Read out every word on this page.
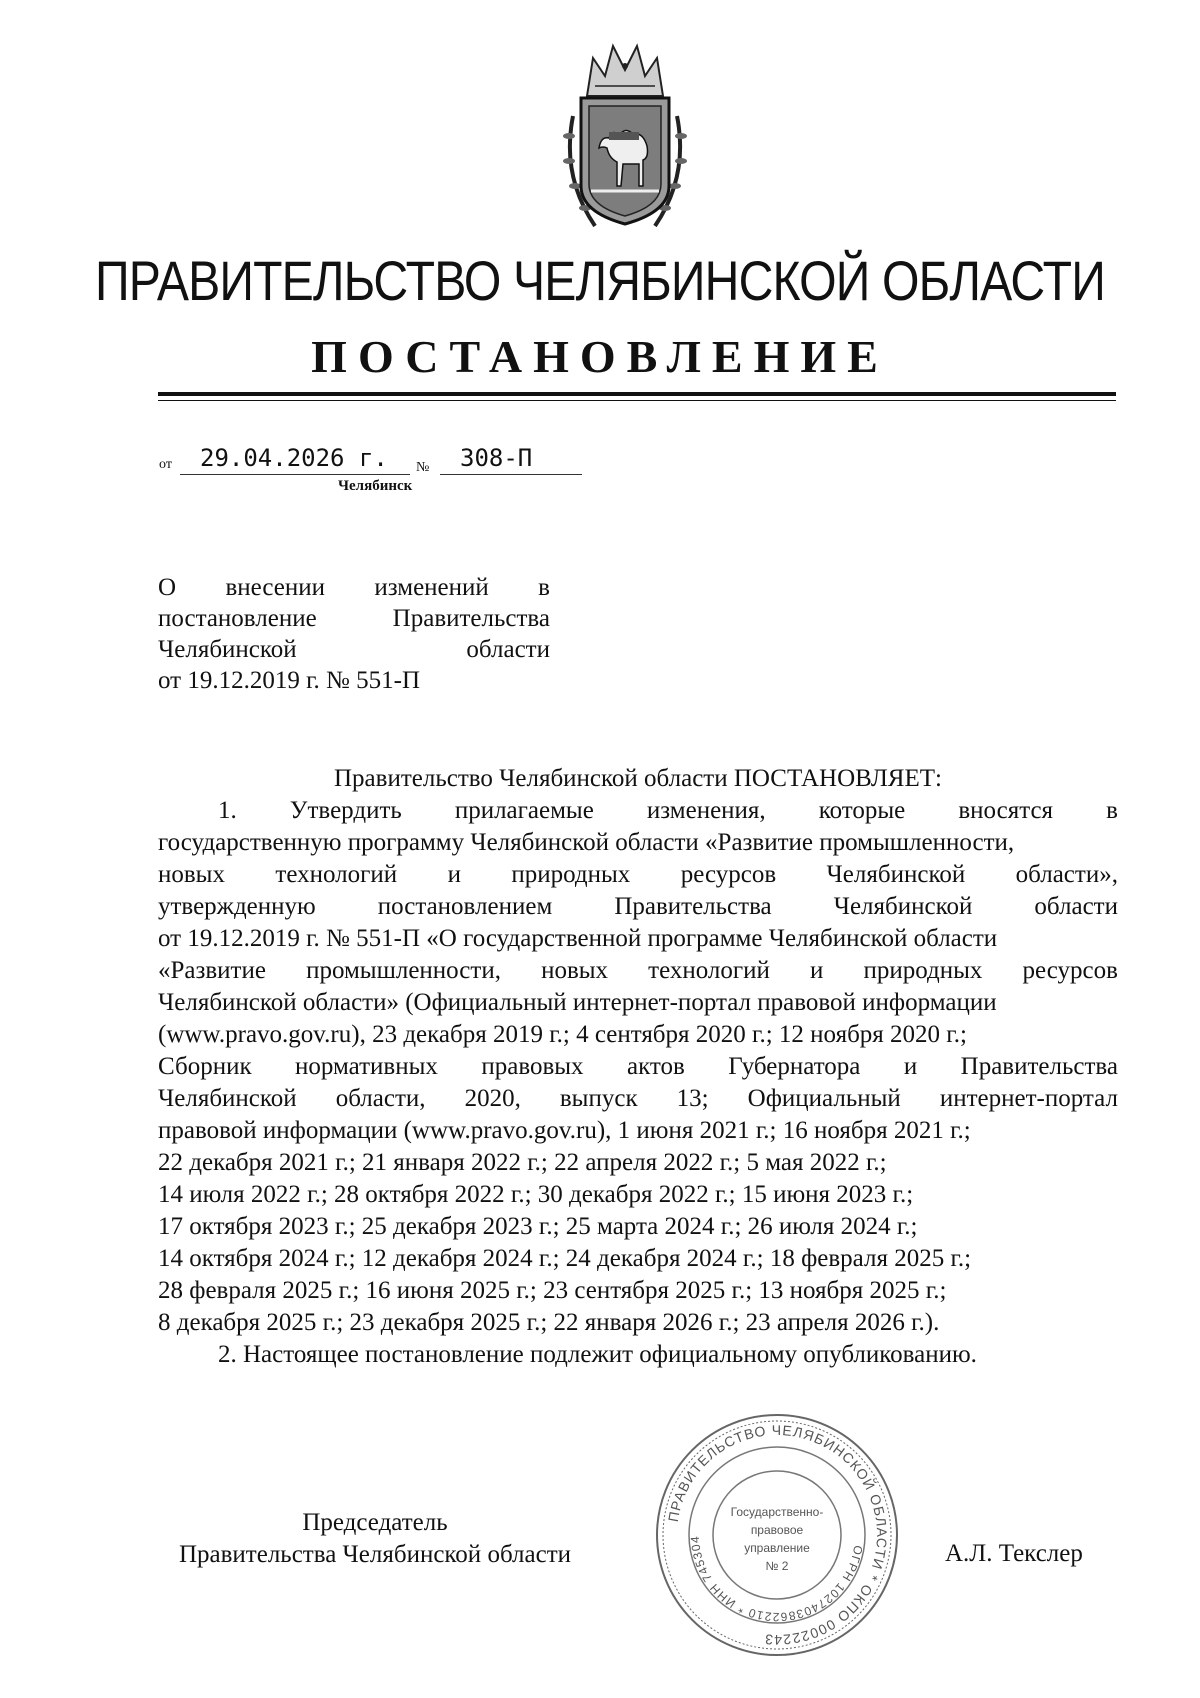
ПРАВИТЕЛЬСТВО ЧЕЛЯБИНСКОЙ ОБЛАСТИ
ПОСТАНОВЛЕНИЕ
от 29.04.2026 г. № 308-П
Челябинск
О внесении изменений в
постановление	Правительства
Челябинской	области
от 19.12.2019 г. № 551-П

Правительство Челябинской области ПОСТАНОВЛЯЕТ:

1. Утвердить прилагаемые изменения, которые вносятся в
государственную программу Челябинской области «Развитие промышленности,
новых технологий и природных ресурсов Челябинской области»,
утвержденную постановлением Правительства Челябинской области
от 19.12.2019 г. № 551-П «О государственной программе Челябинской области
«Развитие промышленности, новых технологий и природных ресурсов
Челябинской области» (Официальный интернет-портал правовой информации
(www.pravo.gov.ru), 23 декабря 2019 г.; 4 сентября 2020 г.; 12 ноября 2020 г.;
Сборник нормативных правовых актов Губернатора и Правительства
Челябинской области, 2020, выпуск 13; Официальный интернет-портал
правовой информации (www.pravo.gov.ru), 1 июня 2021 г.; 16 ноября 2021 г.;
22 декабря 2021 г.; 21 января 2022 г.; 22 апреля 2022 г.; 5 мая 2022 г.;
14 июля 2022 г.; 28 октября 2022 г.; 30 декабря 2022 г.; 15 июня 2023 г.;
17 октября 2023 г.; 25 декабря 2023 г.; 25 марта 2024 г.; 26 июля 2024 г.;
14 октября 2024 г.; 12 декабря 2024 г.; 24 декабря 2024 г.; 18 февраля 2025 г.;
28 февраля 2025 г.; 16 июня 2025 г.; 23 сентября 2025 г.; 13 ноября 2025 г.;
8 декабря 2025 г.; 23 декабря 2025 г.; 22 января 2026 г.; 23 апреля 2026 г.).

2. Настоящее постановление подлежит официальному опубликованию.

Председатель
Правительства Челябинской области	А.Л. Текслер
ПРАВИТЕЛЬСТВО ЧЕЛЯБИНСКОЙ ОБЛАСТИ * ОКПО 00022243
ОГРН 1027403862210 * ИНН 745304
Государственно-
правовое
управление
№ 2
